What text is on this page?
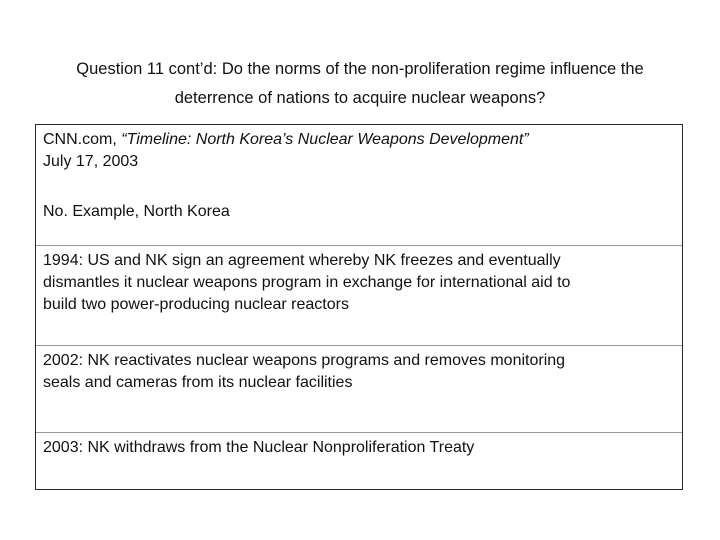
Question 11 cont’d: Do the norms of the non-proliferation regime influence the
deterrence of nations to acquire nuclear weapons?
CNN.com, “Timeline: North Korea’s Nuclear Weapons Development”
July 17, 2003
No. Example, North Korea
1994: US and NK sign an agreement whereby NK freezes and eventually
dismantles it nuclear weapons program in exchange for international aid to
build two power-producing nuclear reactors
2002: NK reactivates nuclear weapons programs and removes monitoring
seals and cameras from its nuclear facilities
2003: NK withdraws from the Nuclear Nonproliferation Treaty
